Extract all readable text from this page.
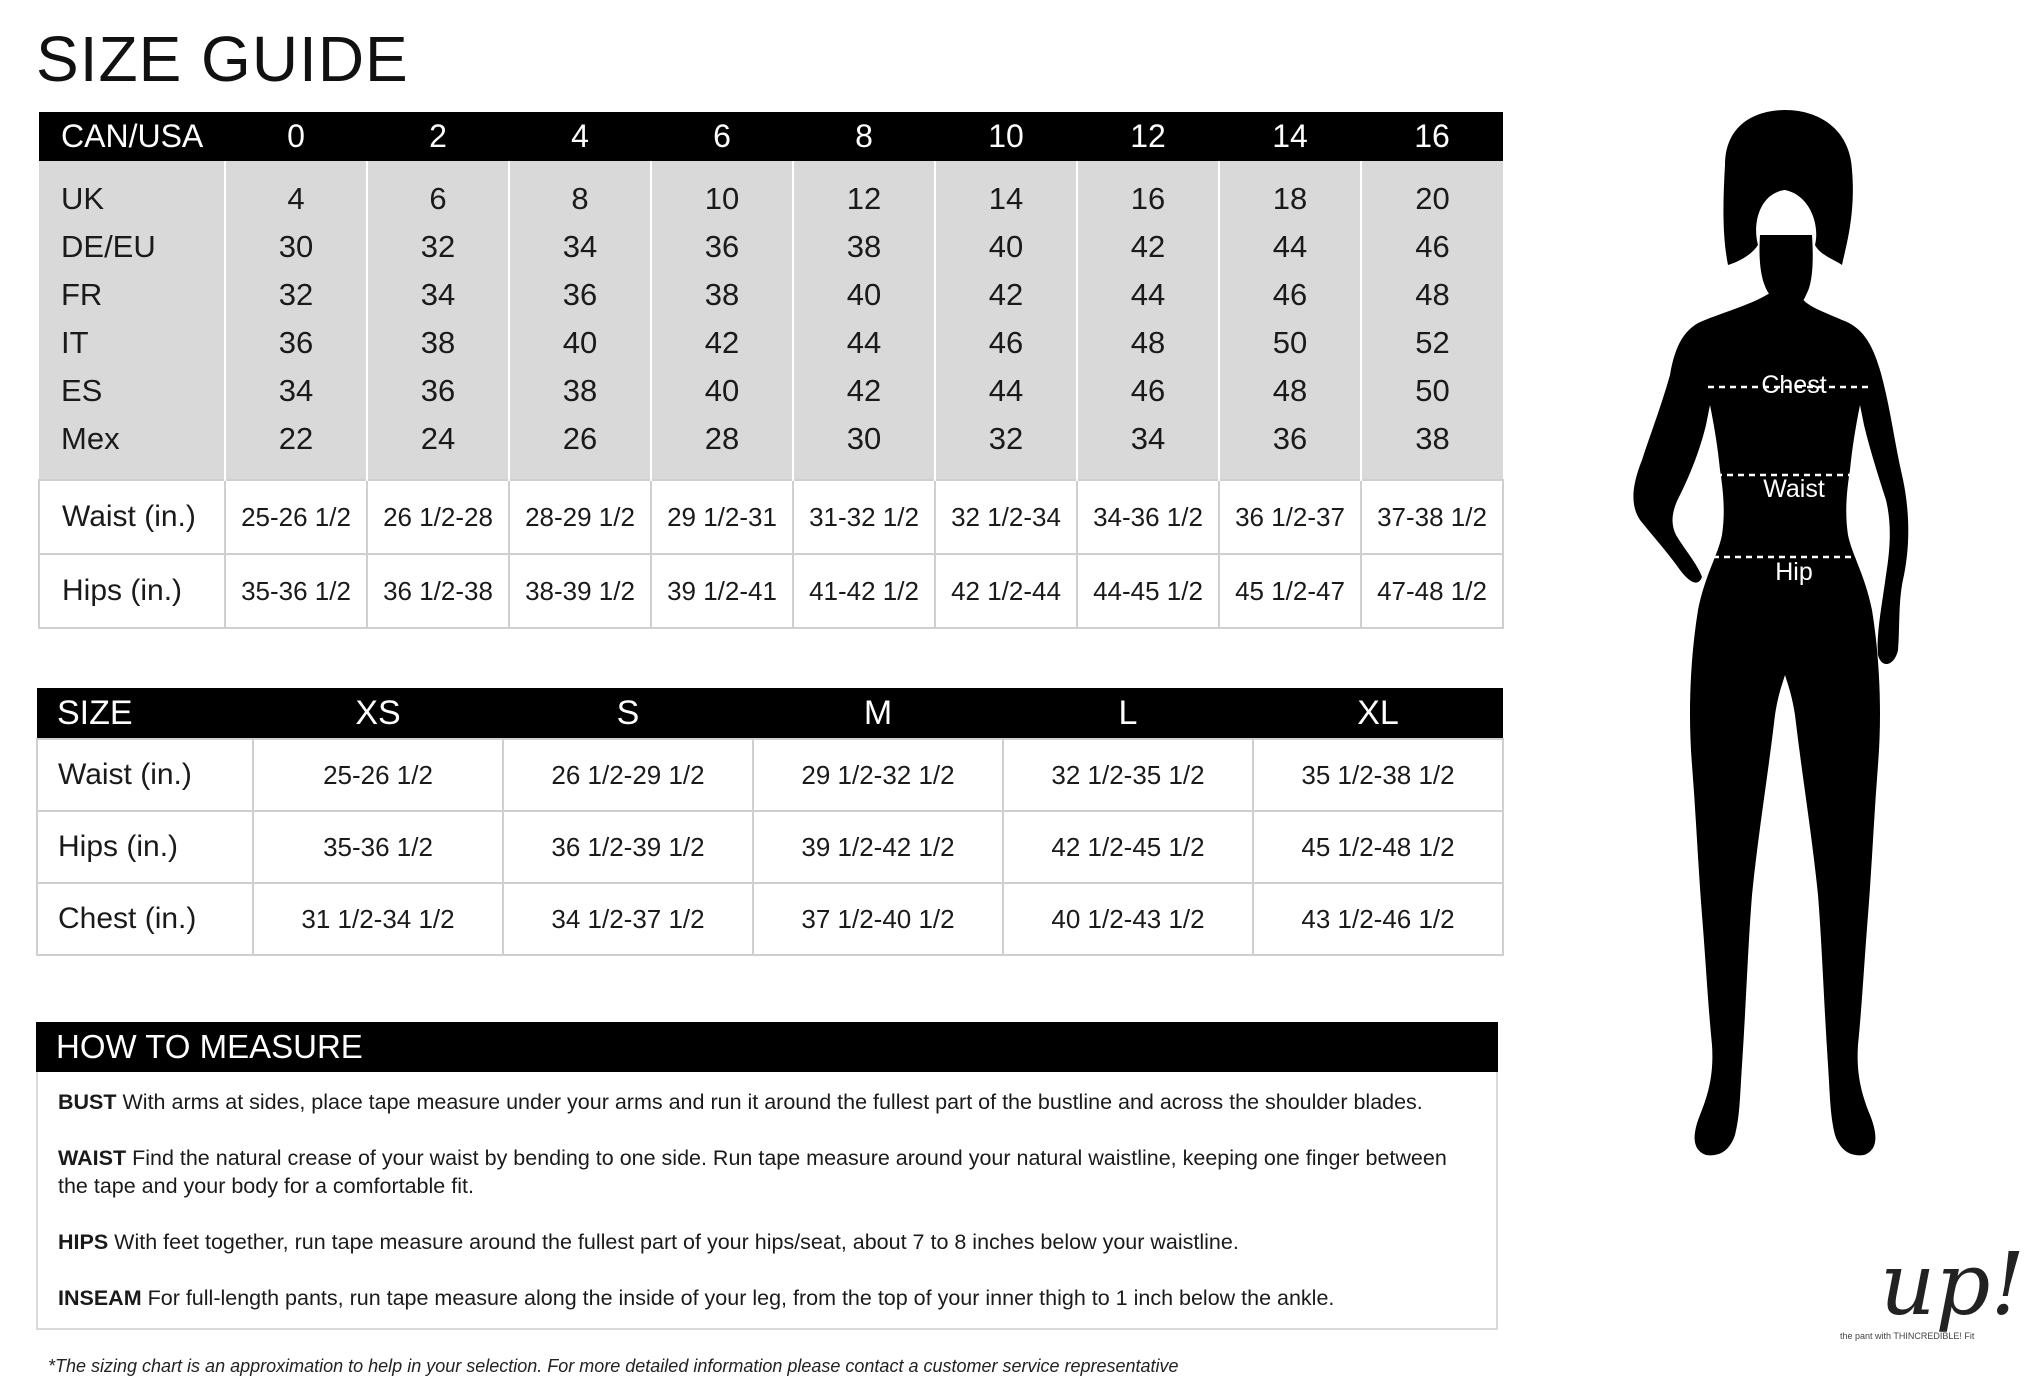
SIZE GUIDE
CAN/USA	0	2	4	6	8	10	12	14	16
UK	4	6	8	10	12	14	16	18	20
DE/EU	30	32	34	36	38	40	42	44	46
FR	32	34	36	38	40	42	44	46	48
IT	36	38	40	42	44	46	48	50	52
ES	34	36	38	40	42	44	46	48	50
Mex	22	24	26	28	30	32	34	36	38
Waist (in.)	25-26 1/2	26 1/2-28	28-29 1/2	29 1/2-31	31-32 1/2	32 1/2-34	34-36 1/2	36 1/2-37	37-38 1/2
Hips (in.)	35-36 1/2	36 1/2-38	38-39 1/2	39 1/2-41	41-42 1/2	42 1/2-44	44-45 1/2	45 1/2-47	47-48 1/2
SIZE	XS	S	M	L	XL
Waist (in.)	25-26 1/2	26 1/2-29 1/2	29 1/2-32 1/2	32 1/2-35 1/2	35 1/2-38 1/2
Hips (in.)	35-36 1/2	36 1/2-39 1/2	39 1/2-42 1/2	42 1/2-45 1/2	45 1/2-48 1/2
Chest (in.)	31 1/2-34 1/2	34 1/2-37 1/2	37 1/2-40 1/2	40 1/2-43 1/2	43 1/2-46 1/2
HOW TO MEASURE

BUST With arms at sides, place tape measure under your arms and run it around the fullest part of the bustline and across the shoulder blades.

WAIST Find the natural crease of your waist by bending to one side. Run tape measure around your natural waistline, keeping one finger between the tape and your body for a comfortable fit.

HIPS With feet together, run tape measure around the fullest part of your hips/seat, about 7 to 8 inches below your waistline.

INSEAM For full-length pants, run tape measure along the inside of your leg, from the top of your inner thigh to 1 inch below the ankle.

*The sizing chart is an approximation to help in your selection. For more detailed information please contact a customer service representative
Chest
Waist
Hip
up!
the pant with THINCREDIBLE! Fit
